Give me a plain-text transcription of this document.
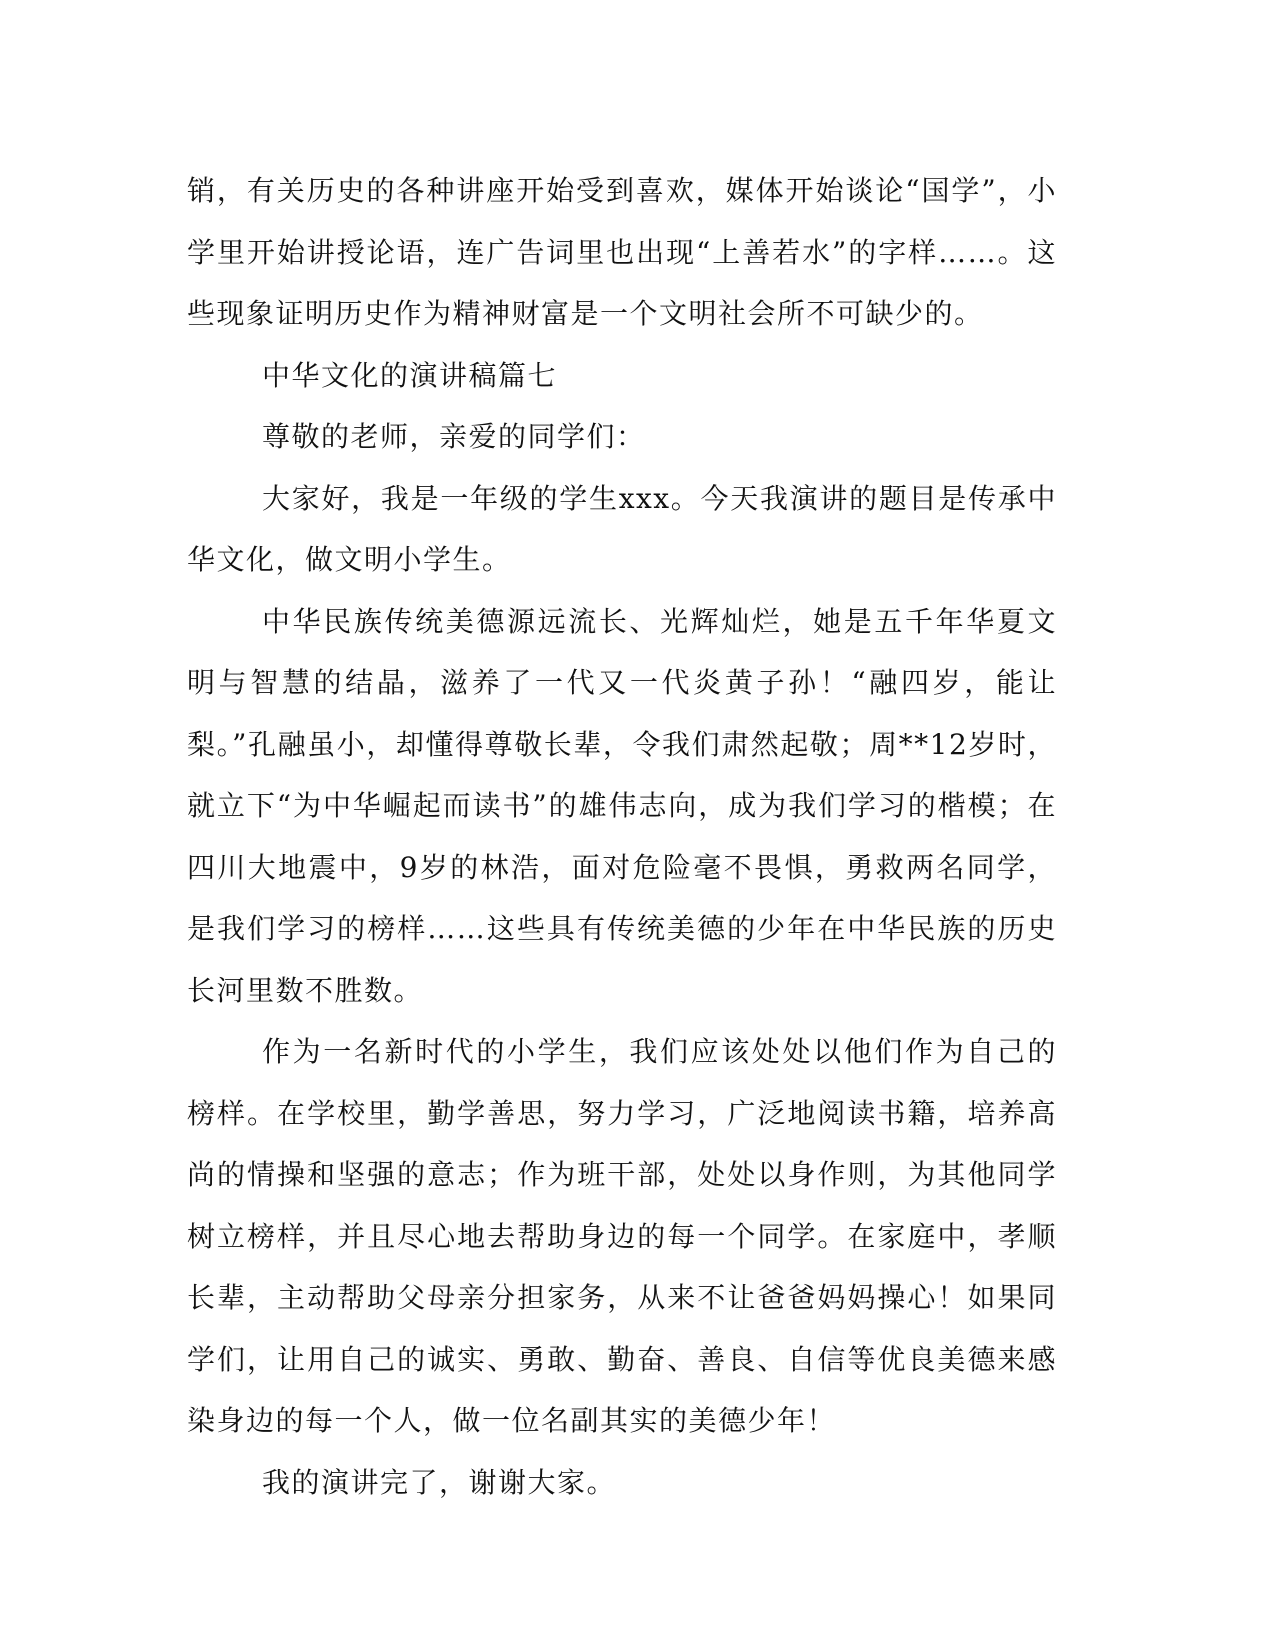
销，有关历史的各种讲座开始受到喜欢，媒体开始谈论“国学”，小学里开始讲授论语，连广告词里也出现“上善若水”的字样……。这些现象证明历史作为精神财富是一个文明社会所不可缺少的。

中华文化的演讲稿篇七

尊敬的老师，亲爱的同学们：

大家好，我是一年级的学生xxx。今天我演讲的题目是传承中华文化，做文明小学生。

中华民族传统美德源远流长、光辉灿烂，她是五千年华夏文明与智慧的结晶，滋养了一代又一代炎黄子孙！“融四岁，能让梨。”孔融虽小，却懂得尊敬长辈，令我们肃然起敬；周**12岁时，就立下“为中华崛起而读书”的雄伟志向，成为我们学习的楷模；在四川大地震中，9岁的林浩，面对危险毫不畏惧，勇救两名同学，是我们学习的榜样……这些具有传统美德的少年在中华民族的历史长河里数不胜数。

作为一名新时代的小学生，我们应该处处以他们作为自己的榜样。在学校里，勤学善思，努力学习，广泛地阅读书籍，培养高尚的情操和坚强的意志；作为班干部，处处以身作则，为其他同学树立榜样，并且尽心地去帮助身边的每一个同学。在家庭中，孝顺长辈，主动帮助父母亲分担家务，从来不让爸爸妈妈操心！如果同学们，让用自己的诚实、勇敢、勤奋、善良、自信等优良美德来感染身边的每一个人，做一位名副其实的美德少年！

我的演讲完了，谢谢大家。
